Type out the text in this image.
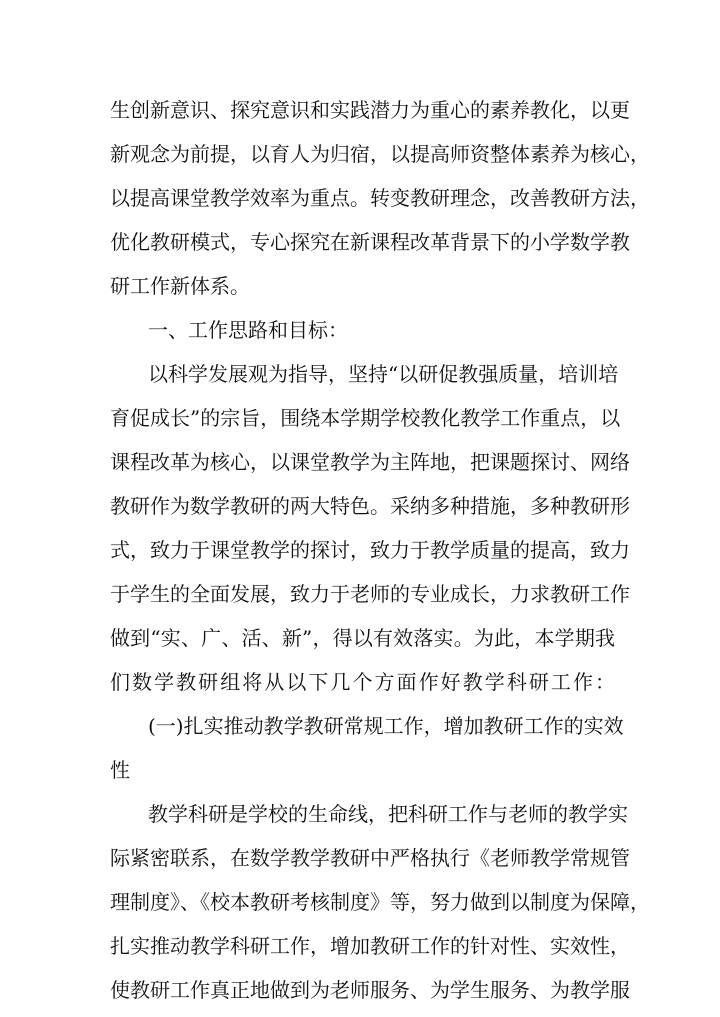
生创新意识、探究意识和实践潜力为重心的素养教化，以更
新观念为前提，以育人为归宿，以提高师资整体素养为核心，
以提高课堂教学效率为重点。转变教研理念，改善教研方法，
优化教研模式，专心探究在新课程改革背景下的小学数学教
研工作新体系。
一、工作思路和目标：
以科学发展观为指导，坚持“以研促教强质量，培训培
育促成长”的宗旨，围绕本学期学校教化教学工作重点，以
课程改革为核心，以课堂教学为主阵地，把课题探讨、网络
教研作为数学教研的两大特色。采纳多种措施，多种教研形
式，致力于课堂教学的探讨，致力于教学质量的提高，致力
于学生的全面发展，致力于老师的专业成长，力求教研工作
做到“实、广、活、新”，得以有效落实。为此，本学期我
们数学教研组将从以下几个方面作好教学科研工作：
(一)扎实推动教学教研常规工作，增加教研工作的实效
性
教学科研是学校的生命线，把科研工作与老师的教学实
际紧密联系，在数学教学教研中严格执行《老师教学常规管
理制度》、《校本教研考核制度》等，努力做到以制度为保障，
扎实推动教学科研工作，增加教研工作的针对性、实效性，
使教研工作真正地做到为老师服务、为学生服务、为教学服
